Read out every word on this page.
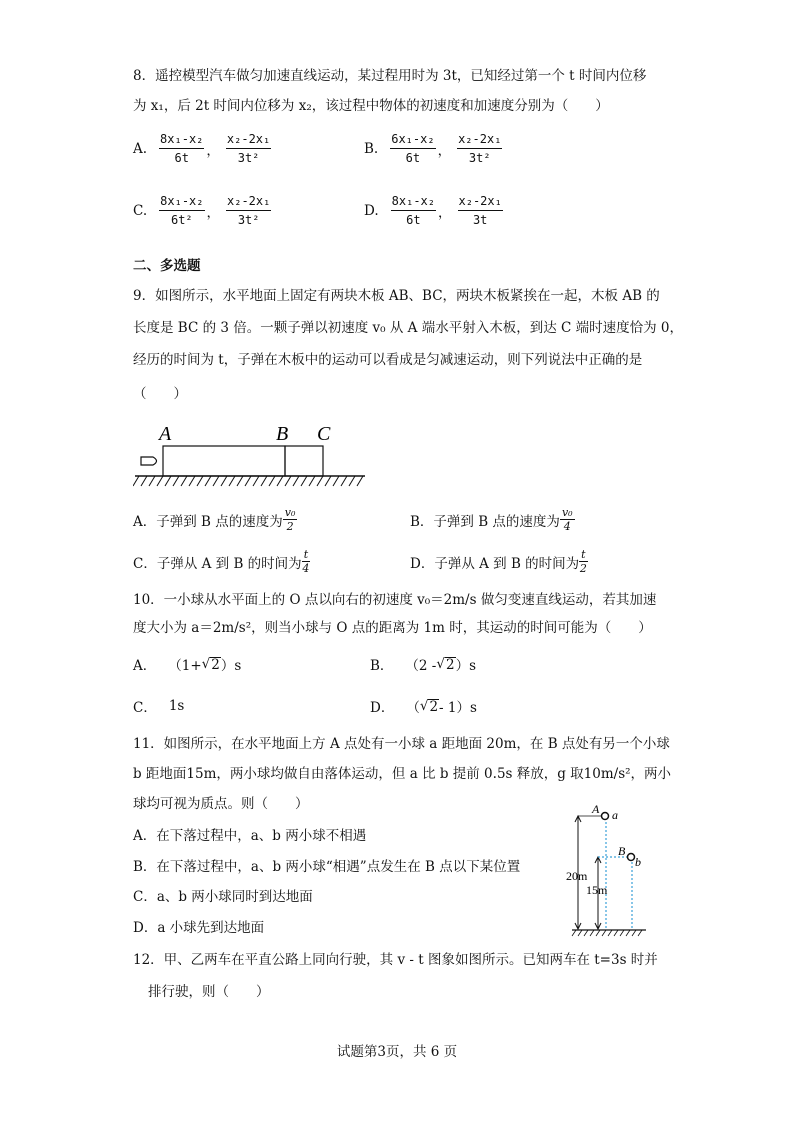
8．遥控模型汽车做匀加速直线运动，某过程用时为 3t，已知经过第一个 t 时间内位移
为 x₁，后 2t 时间内位移为 x₂，该过程中物体的初速度和加速度分别为（　　）
A. $\frac{\text{8x₁-x₂}}{6t}$ ， $\frac{\text{x₂-2x₁}}{\text{3t²}}$	B. $\frac{\text{6x₁-x₂}}{6t}$ ， $\frac{\text{x₂-2x₁}}{\text{3t²}}$
C. $\frac{\text{8x₁-x₂}}{\text{6t²}}$ ， $\frac{\text{x₂-2x₁}}{\text{3t²}}$	D. $\frac{\text{8x₁-x₂}}{6t}$ ， $\frac{\text{x₂-2x₁}}{3t}$
二、多选题
9．如图所示，水平地面上固定有两块木板 AB、BC，两块木板紧挨在一起，木板 AB 的
长度是 BC 的 3 倍。一颗子弹以初速度 v₀ 从 A 端水平射入木板，到达 C 端时速度恰为 0，
经历的时间为 t，子弹在木板中的运动可以看成是匀减速运动，则下列说法中正确的是
（　　）
A	B C
A． 子弹到 B 点的速度为 $\frac{\text{v₀}}{2}$	B． 子弹到 B 点的速度为 $\frac{\text{v₀}}{4}$
C． 子弹从 A 到 B 的时间为 $\frac{t}{4}$	D． 子弹从 A 到 B 的时间为 $\frac{t}{2}$
10．一小球从水平面上的 O 点以向右的初速度 v₀＝2m/s 做匀变速直线运动，若其加速
度大小为 a＝2m/s²，则当小球与 O 点的距离为 1m 时，其运动的时间可能为（　　）
A． （1+ √ 2 ）s	B． （2 - √ 2 ）s
C． 1s	D． （ √ 2 - 1）s
11．如图所示，在水平地面上方 A 点处有一小球 a 距地面 20m，在 B 点处有另一个小球
b 距地面15m，两小球均做自由落体运动，但 a 比 b 提前 0.5s 释放，g 取10m/s²，两小
球均可视为质点。则（　　）
A．在下落过程中，a、b 两小球不相遇
B．在下落过程中，a、b 两小球“相遇”点发生在 B 点以下某位置
C．a、b 两小球同时到达地面
D．a 小球先到达地面
A a
B
b
20m
15m
12．甲、乙两车在平直公路上同向行驶，其 v - t 图象如图所示。已知两车在 t=3s 时并
排行驶，则（　　）
试题第3页，共 6 页
